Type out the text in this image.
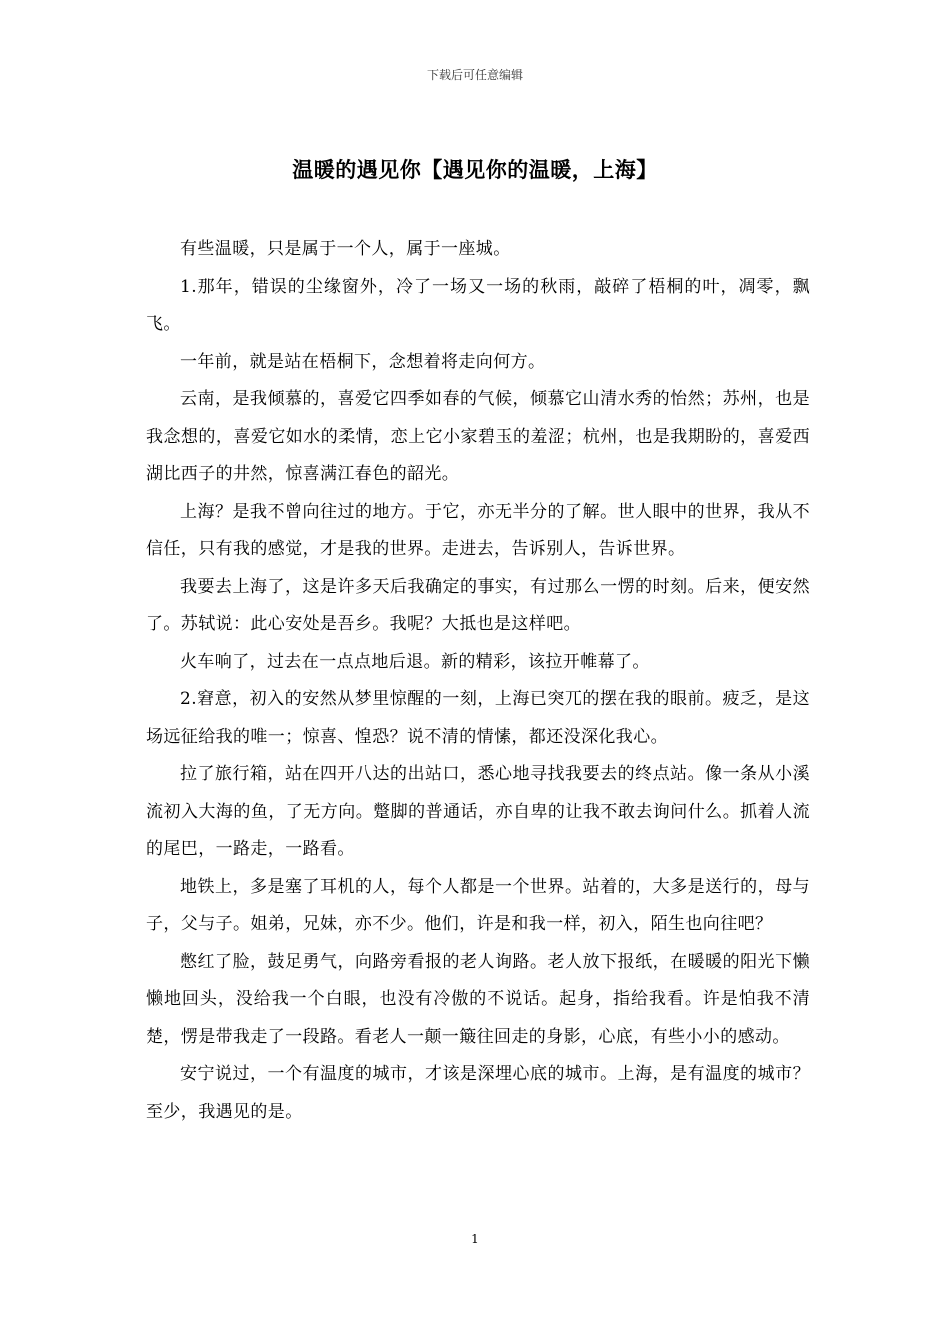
下载后可任意编辑
温暖的遇见你【遇见你的温暖，上海】

有些温暖，只是属于一个人，属于一座城。

1.那年，错误的尘缘窗外，冷了一场又一场的秋雨，敲碎了梧桐的叶，凋零，飘飞。

一年前，就是站在梧桐下，念想着将走向何方。

云南，是我倾慕的，喜爱它四季如春的气候，倾慕它山清水秀的怡然；苏州，也是我念想的，喜爱它如水的柔情，恋上它小家碧玉的羞涩；杭州，也是我期盼的，喜爱西湖比西子的井然，惊喜满江春色的韶光。

上海？是我不曾向往过的地方。于它，亦无半分的了解。世人眼中的世界，我从不信任，只有我的感觉，才是我的世界。走进去，告诉别人，告诉世界。

我要去上海了，这是许多天后我确定的事实，有过那么一愣的时刻。后来，便安然了。苏轼说：此心安处是吾乡。我呢？大抵也是这样吧。

火车响了，过去在一点点地后退。新的精彩，该拉开帷幕了。

2.窘意，初入的安然从梦里惊醒的一刻，上海已突兀的摆在我的眼前。疲乏，是这场远征给我的唯一；惊喜、惶恐？说不清的情愫，都还没深化我心。

拉了旅行箱，站在四开八达的出站口，悉心地寻找我要去的终点站。像一条从小溪流初入大海的鱼，了无方向。蹩脚的普通话，亦自卑的让我不敢去询问什么。抓着人流的尾巴，一路走，一路看。

地铁上，多是塞了耳机的人，每个人都是一个世界。站着的，大多是送行的，母与子，父与子。姐弟，兄妹，亦不少。他们，许是和我一样，初入，陌生也向往吧？

憋红了脸，鼓足勇气，向路旁看报的老人询路。老人放下报纸，在暖暖的阳光下懒懒地回头，没给我一个白眼，也没有冷傲的不说话。起身，指给我看。许是怕我不清楚，愣是带我走了一段路。看老人一颠一簸往回走的身影，心底，有些小小的感动。

安宁说过，一个有温度的城市，才该是深埋心底的城市。上海，是有温度的城市？至少，我遇见的是。

1
